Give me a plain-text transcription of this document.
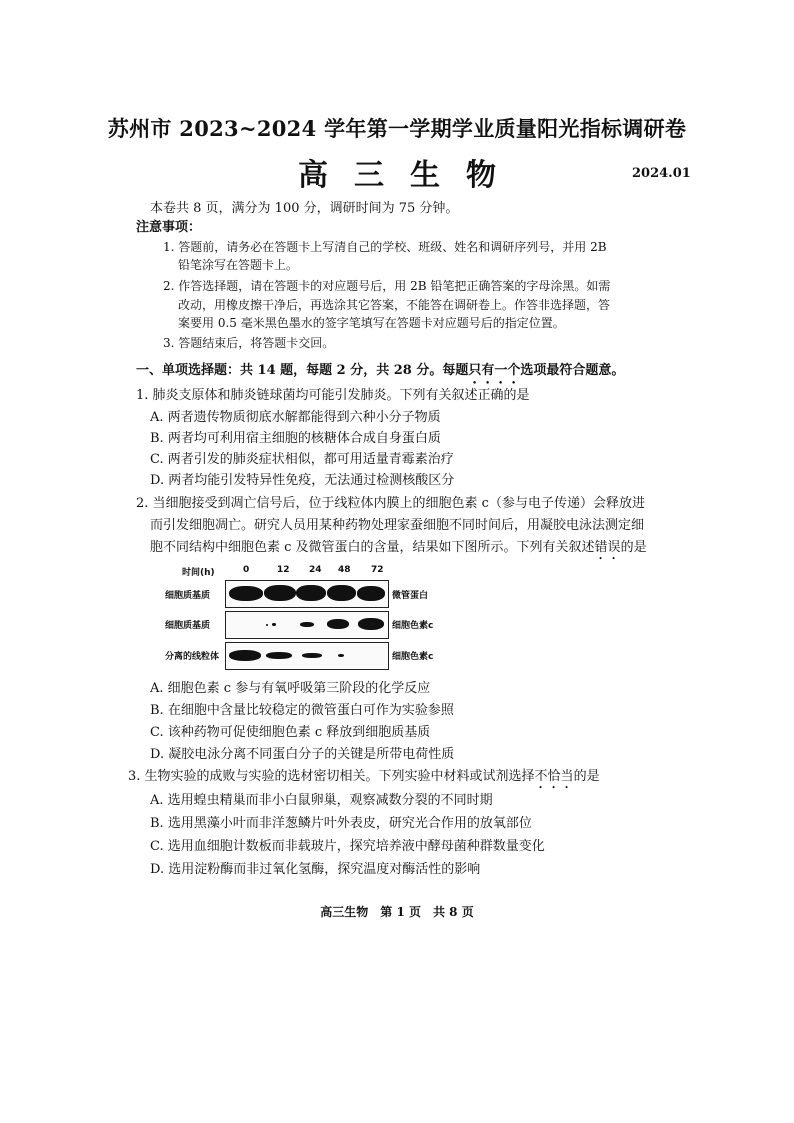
苏州市 2023~2024 学年第一学期学业质量阳光指标调研卷
高三生物	2024.01
本卷共 8 页，满分为 100 分，调研时间为 75 分钟。
注意事项：
1. 答题前，请务必在答题卡上写清自己的学校、班级、姓名和调研序列号，并用 2B
铅笔涂写在答题卡上。
2. 作答选择题，请在答题卡的对应题号后，用 2B 铅笔把正确答案的字母涂黑。如需
改动，用橡皮擦干净后，再选涂其它答案，不能答在调研卷上。作答非选择题，答
案要用 0.5 毫米黑色墨水的签字笔填写在答题卡对应题号后的指定位置。
3. 答题结束后，将答题卡交回。
一、单项选择题：共 14 题，每题 2 分，共 28 分。每题只有一个选项最符合题意。
1. 肺炎支原体和肺炎链球菌均可能引发肺炎。下列有关叙述正确的是
A. 两者遗传物质彻底水解都能得到六种小分子物质
B. 两者均可利用宿主细胞的核糖体合成自身蛋白质
C. 两者引发的肺炎症状相似，都可用适量青霉素治疗
D. 两者均能引发特异性免疫，无法通过检测核酸区分
2. 当细胞接受到凋亡信号后，位于线粒体内膜上的细胞色素 c（参与电子传递）会释放进
而引发细胞凋亡。研究人员用某种药物处理家蚕细胞不同时间后，用凝胶电泳法测定细
胞不同结构中细胞色素 c 及微管蛋白的含量，结果如下图所示。下列有关叙述错误的是
时间(h)	0	12 24 48 72
细胞质基质	微管蛋白
细胞质基质	细胞色素c
分离的线粒体	细胞色素c
A. 细胞色素 c 参与有氧呼吸第三阶段的化学反应
B. 在细胞中含量比较稳定的微管蛋白可作为实验参照
C. 该种药物可促使细胞色素 c 释放到细胞质基质
D. 凝胶电泳分离不同蛋白分子的关键是所带电荷性质
3. 生物实验的成败与实验的选材密切相关。下列实验中材料或试剂选择不恰当的是
A. 选用蝗虫精巢而非小白鼠卵巢，观察减数分裂的不同时期
B. 选用黑藻小叶而非洋葱鳞片叶外表皮，研究光合作用的放氧部位
C. 选用血细胞计数板而非载玻片，探究培养液中酵母菌种群数量变化
D. 选用淀粉酶而非过氧化氢酶，探究温度对酶活性的影响
高三生物　第 1 页　共 8 页
